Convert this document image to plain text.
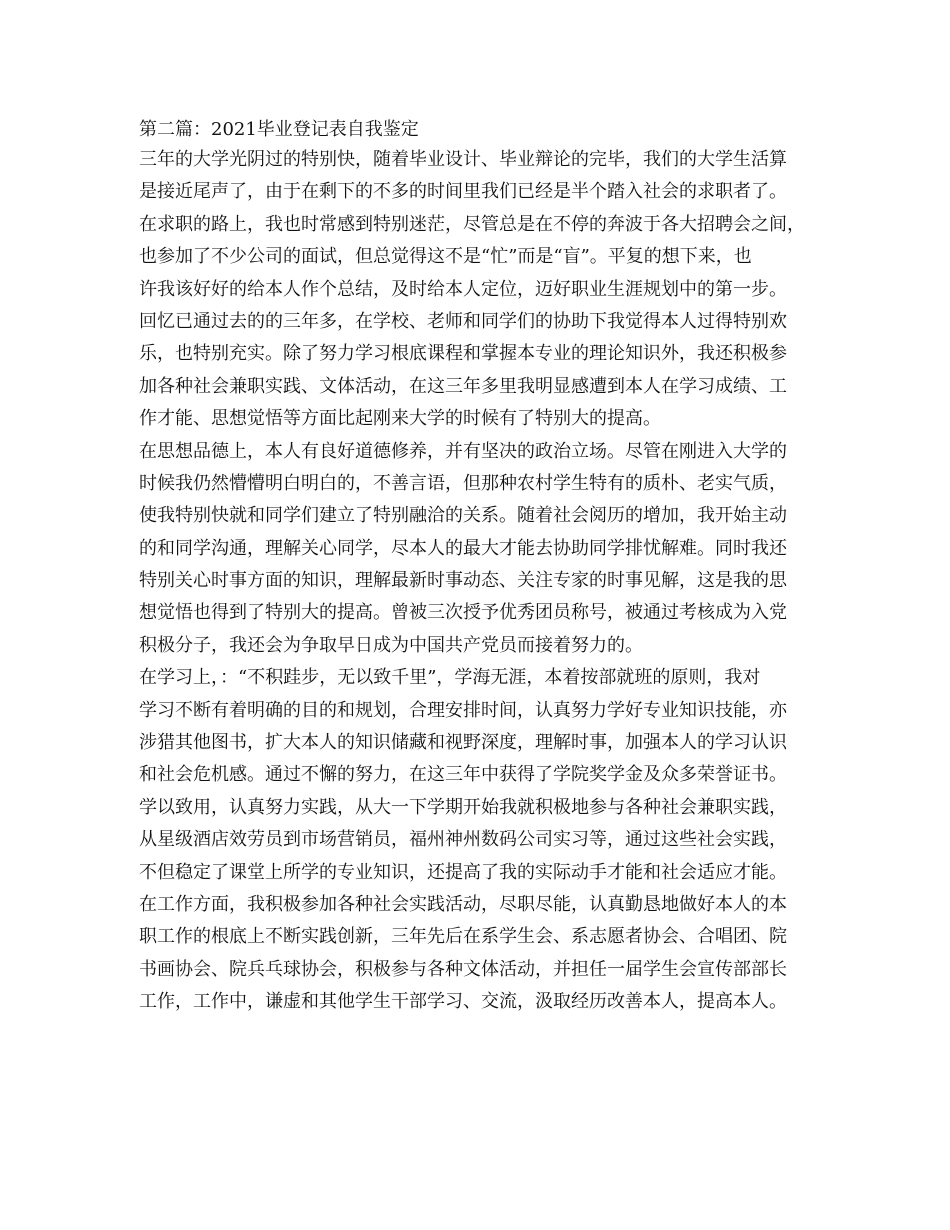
第二篇：2021毕业登记表自我鉴定
三年的大学光阴过的特别快，随着毕业设计、毕业辩论的完毕，我们的大学生活算
是接近尾声了，由于在剩下的不多的时间里我们已经是半个踏入社会的求职者了。
在求职的路上，我也时常感到特别迷茫，尽管总是在不停的奔波于各大招聘会之间，
也参加了不少公司的面试，但总觉得这不是“忙”而是“盲”。平复的想下来，也
许我该好好的给本人作个总结，及时给本人定位，迈好职业生涯规划中的第一步。
回忆已通过去的的三年多，在学校、老师和同学们的协助下我觉得本人过得特别欢
乐，也特别充实。除了努力学习根底课程和掌握本专业的理论知识外，我还积极参
加各种社会兼职实践、文体活动，在这三年多里我明显感遭到本人在学习成绩、工
作才能、思想觉悟等方面比起刚来大学的时候有了特别大的提高。
在思想品德上，本人有良好道德修养，并有坚决的政治立场。尽管在刚进入大学的
时候我仍然懵懵明白明白的，不善言语，但那种农村学生特有的质朴、老实气质，
使我特别快就和同学们建立了特别融洽的关系。随着社会阅历的增加，我开始主动
的和同学沟通，理解关心同学，尽本人的最大才能去协助同学排忧解难。同时我还
特别关心时事方面的知识，理解最新时事动态、关注专家的时事见解，这是我的思
想觉悟也得到了特别大的提高。曾被三次授予优秀团员称号，被通过考核成为入党
积极分子，我还会为争取早日成为中国共产党员而接着努力的。
在学习上，：“不积跬步，无以致千里”，学海无涯，本着按部就班的原则，我对
学习不断有着明确的目的和规划，合理安排时间，认真努力学好专业知识技能，亦
涉猎其他图书，扩大本人的知识储藏和视野深度，理解时事，加强本人的学习认识
和社会危机感。通过不懈的努力，在这三年中获得了学院奖学金及众多荣誉证书。
学以致用，认真努力实践，从大一下学期开始我就积极地参与各种社会兼职实践，
从星级酒店效劳员到市场营销员，福州神州数码公司实习等，通过这些社会实践，
不但稳定了课堂上所学的专业知识，还提高了我的实际动手才能和社会适应才能。
在工作方面，我积极参加各种社会实践活动，尽职尽能，认真勤恳地做好本人的本
职工作的根底上不断实践创新，三年先后在系学生会、系志愿者协会、合唱团、院
书画协会、院兵乓球协会，积极参与各种文体活动，并担任一届学生会宣传部部长
工作，工作中，谦虚和其他学生干部学习、交流，汲取经历改善本人，提高本人。
